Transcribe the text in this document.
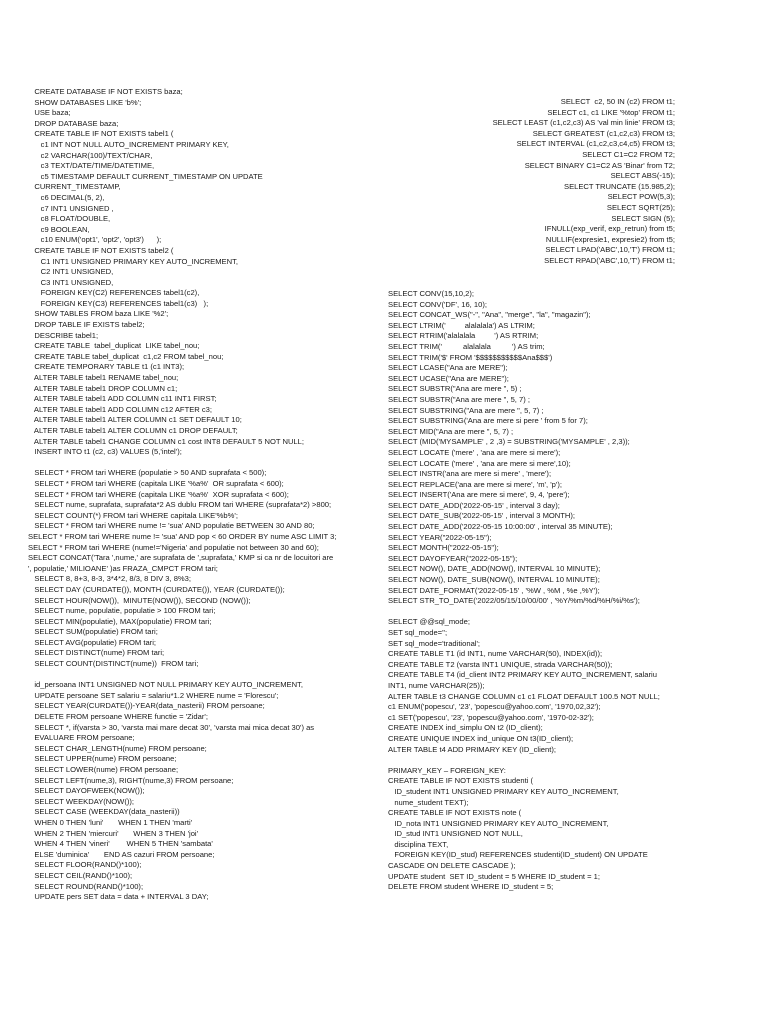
CREATE DATABASE IF NOT EXISTS baza;
SHOW DATABASES LIKE 'b%';
USE baza;
DROP DATABASE baza;
CREATE TABLE IF NOT EXISTS tabel1 (
c1 INT NOT NULL AUTO_INCREMENT PRIMARY KEY,
c2 VARCHAR(100)/TEXT/CHAR,
c3 TEXT/DATE/TIME/DATETIME,
c5 TIMESTAMP DEFAULT CURRENT_TIMESTAMP ON UPDATE
CURRENT_TIMESTAMP,
c6 DECIMAL(5, 2),
c7 INT1 UNSIGNED ,
c8 FLOAT/DOUBLE,
c9 BOOLEAN,
c10 ENUM('opt1', 'opt2', 'opt3')      );
CREATE TABLE IF NOT EXISTS tabel2 (
C1 INT1 UNSIGNED PRIMARY KEY AUTO_INCREMENT,
C2 INT1 UNSIGNED,
C3 INT1 UNSIGNED,
FOREIGN KEY(C2) REFERENCES tabel1(c2),
FOREIGN KEY(C3) REFERENCES tabel1(c3)   );
SHOW TABLES FROM baza LIKE '%2';
DROP TABLE IF EXISTS tabel2;
DESCRIBE tabel1;
CREATE TABLE  tabel_duplicat  LIKE tabel_nou;
CREATE TABLE tabel_duplicat  c1,c2 FROM tabel_nou;
CREATE TEMPORARY TABLE t1 (c1 INT3);
ALTER TABLE tabel1 RENAME tabel_nou;
ALTER TABLE tabel1 DROP COLUMN c1;
ALTER TABLE tabel1 ADD COLUMN c11 INT1 FIRST;
ALTER TABLE tabel1 ADD COLUMN c12 AFTER c3;
ALTER TABLE tabel1 ALTER COLUMN c1 SET DEFAULT 10;
ALTER TABLE tabel1 ALTER COLUMN c1 DROP DEFAULT;
ALTER TABLE tabel1 CHANGE COLUMN c1 cost INT8 DEFAULT 5 NOT NULL;
INSERT INTO t1 (c2, c3) VALUES (5,'intel');
SELECT * FROM tari WHERE (populatie > 50 AND suprafata < 500);
SELECT * FROM tari WHERE (capitala LIKE '%a%'  OR suprafata < 600);
SELECT * FROM tari WHERE (capitala LIKE '%a%'  XOR suprafata < 600);
SELECT nume, suprafata, suprafata*2 AS dublu FROM tari WHERE (suprafata*2) >800;
SELECT COUNT(*) FROM tari WHERE capitala LIKE'%b%';
SELECT * FROM tari WHERE nume != 'sua' AND populatie BETWEEN 30 AND 80;
SELECT * FROM tari WHERE nume != 'sua' AND pop < 60 ORDER BY nume ASC LIMIT 3;
SELECT * FROM tari WHERE (nume!='Nigeria' and populatie not between 30 and 60);
SELECT CONCAT('Tara ',nume,' are suprafata de ',suprafata,' KMP si ca nr de locuitori are
', populatie,' MILIOANE' )as FRAZA_CMPCT FROM tari;
SELECT 8, 8+3, 8-3, 3*4*2, 8/3, 8 DIV 3, 8%3;
SELECT DAY (CURDATE()), MONTH (CURDATE()), YEAR (CURDATE());
SELECT HOUR(NOW()),  MINUTE(NOW()), SECOND (NOW());
SELECT nume, populatie, populatie > 100 FROM tari;
SELECT MIN(populatie), MAX(populatie) FROM tari;
SELECT SUM(populatie) FROM tari;
SELECT AVG(populatie) FROM tari;
SELECT DISTINCT(nume) FROM tari;
SELECT COUNT(DISTINCT(nume))  FROM tari;
id_persoana INT1 UNSIGNED NOT NULL PRIMARY KEY AUTO_INCREMENT,
UPDATE persoane SET salariu = salariu*1.2 WHERE nume = 'Florescu';
SELECT YEAR(CURDATE())-YEAR(data_nasterii) FROM persoane;
DELETE FROM persoane WHERE functie = 'Zidar';
SELECT *, if(varsta > 30, 'varsta mai mare decat 30', 'varsta mai mica decat 30') as
EVALUARE FROM persoane;
SELECT CHAR_LENGTH(nume) FROM persoane;
SELECT UPPER(nume) FROM persoane;
SELECT LOWER(nume) FROM persoane;
SELECT LEFT(nume,3), RIGHT(nume,3) FROM persoane;
SELECT DAYOFWEEK(NOW());
SELECT WEEKDAY(NOW());
SELECT CASE (WEEKDAY(data_nasterii))
WHEN 0 THEN 'luni'       WHEN 1 THEN 'marti'
WHEN 2 THEN 'miercuri'       WHEN 3 THEN 'joi'
WHEN 4 THEN 'vineri'        WHEN 5 THEN 'sambata'
ELSE 'duminica'       END AS cazuri FROM persoane;
SELECT FLOOR(RAND()*100);
SELECT CEIL(RAND()*100);
SELECT ROUND(RAND()*100);
UPDATE pers SET data = data + INTERVAL 3 DAY;
SELECT  c2, 50 IN (c2) FROM t1;
SELECT c1, c1 LIKE '%top' FROM t1;
SELECT LEAST (c1,c2,c3) AS 'val min linie' FROM t3;
SELECT GREATEST (c1,c2,c3) FROM t3;
SELECT INTERVAL (c1,c2,c3,c4,c5) FROM t3;
SELECT C1=C2 FROM T2;
SELECT BINARY C1=C2 AS 'Binar' from T2;
SELECT ABS(-15);
SELECT TRUNCATE (15.985,2);
SELECT POW(5,3);
SELECT SQRT(25);
SELECT SIGN (5);
IFNULL(exp_verif, exp_retrun) from t5;
NULLIF(expresie1, expresie2) from t5;
SELECT LPAD('ABC',10,'T') FROM t1;
SELECT RPAD('ABC',10,'T') FROM t1;
SELECT CONV(15,10,2);
SELECT CONV('DF', 16, 10);
SELECT CONCAT_WS("-", "Ana", "merge", "la", "magazin");
SELECT LTRIM('         alalalala') AS LTRIM;
SELECT RTRIM('alalalala         ') AS RTRIM;
SELECT TRIM('          alalalala          ') AS trim;
SELECT TRIM('$' FROM '$$$$$$$$$$$Ana$$$')
SELECT LCASE("Ana are MERE");
SELECT UCASE("Ana are MERE");
SELECT SUBSTR("Ana are mere ", 5) ;
SELECT SUBSTR("Ana are mere ", 5, 7) ;
SELECT SUBSTRING("Ana are mere ", 5, 7) ;
SELECT SUBSTRING('Ana are mere si pere ' from 5 for 7);
SELECT MID("Ana are mere ", 5, 7) ;
SELECT (MID('MYSAMPLE' , 2 ,3) = SUBSTRING('MYSAMPLE' , 2,3));
SELECT LOCATE ('mere' , 'ana are mere si mere');
SELECT LOCATE ('mere' , 'ana are mere si mere',10);
SELECT INSTR('ana are mere si mere' , 'mere');
SELECT REPLACE('ana are mere si mere', 'm', 'p');
SELECT INSERT('Ana are mere si mere', 9, 4, 'pere');
SELECT DATE_ADD('2022-05-15' , interval 3 day);
SELECT DATE_SUB('2022-05-15' , interval 3 MONTH);
SELECT DATE_ADD('2022-05-15 10:00:00' , interval 35 MINUTE);
SELECT YEAR("2022-05-15");
SELECT MONTH("2022-05-15");
SELECT DAYOFYEAR("2022-05-15");
SELECT NOW(), DATE_ADD(NOW(), INTERVAL 10 MINUTE);
SELECT NOW(), DATE_SUB(NOW(), INTERVAL 10 MINUTE);
SELECT DATE_FORMAT('2022-05-15' , '%W , %M , %e ,%Y');
SELECT STR_TO_DATE('2022/05/15/10/00/00' , '%Y/%m/%d/%H/%i/%s');
SELECT @@sql_mode;
SET sql_mode='';
SET sql_mode='traditional';
CREATE TABLE T1 (id INT1, nume VARCHAR(50), INDEX(id));
CREATE TABLE T2 (varsta INT1 UNIQUE, strada VARCHAR(50));
CREATE TABLE T4 (id_client INT2 PRIMARY KEY AUTO_INCREMENT, salariu
INT1, nume VARCHAR(25));
ALTER TABLE t3 CHANGE COLUMN c1 c1 FLOAT DEFAULT 100.5 NOT NULL;
c1 ENUM('popescu', '23', 'popescu@yahoo.com', '1970,02,32');
c1 SET('popescu', '23', 'popescu@yahoo.com', '1970-02-32');
CREATE INDEX ind_simplu ON t2 (ID_client);
CREATE UNIQUE INDEX ind_unique ON t3(ID_client);
ALTER TABLE t4 ADD PRIMARY KEY (ID_client);
PRIMARY_KEY – FOREIGN_KEY:
CREATE TABLE IF NOT EXISTS studenti (
ID_student INT1 UNSIGNED PRIMARY KEY AUTO_INCREMENT,
nume_student TEXT);
CREATE TABLE IF NOT EXISTS note (
ID_nota INT1 UNSIGNED PRIMARY KEY AUTO_INCREMENT,
ID_stud INT1 UNSIGNED NOT NULL,
disciplina TEXT,
FOREIGN KEY(ID_stud) REFERENCES studenti(ID_student) ON UPDATE
CASCADE ON DELETE CASCADE );
UPDATE student  SET ID_student = 5 WHERE ID_student = 1;
DELETE FROM student WHERE ID_student = 5;
